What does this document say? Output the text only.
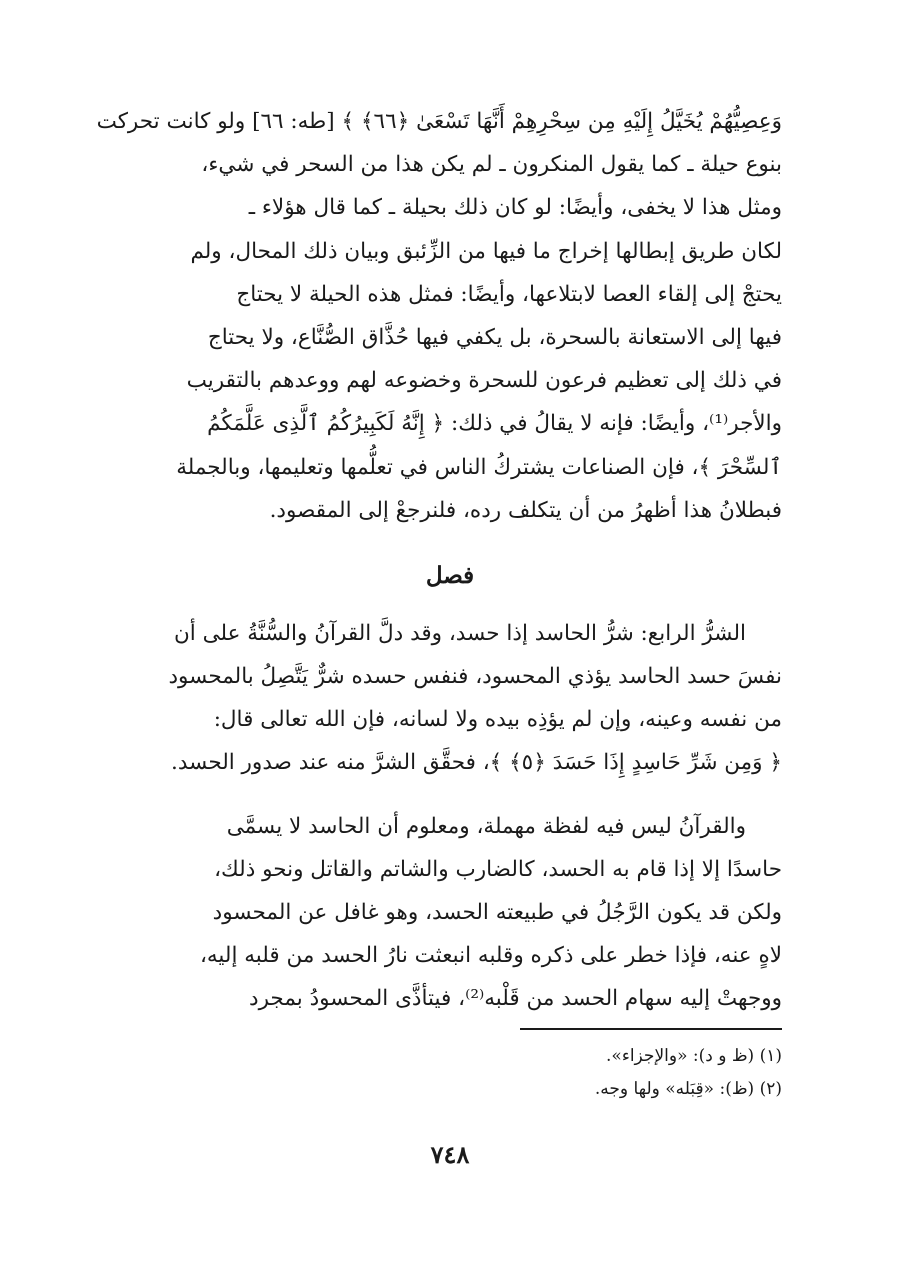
وَعِصِيُّهُمْ يُخَيَّلُ إِلَيْهِ مِن سِحْرِهِمْ أَنَّهَا تَسْعَىٰ ﴿٦٦﴾ ﴾ [طه: ٦٦] ولو كانت تحركت
بنوع حيلة ـ كما يقول المنكرون ـ لم يكن هذا من السحر في شيء،
ومثل هذا لا يخفى، وأيضًا: لو كان ذلك بحيلة ـ كما قال هؤلاء ـ
لكان طريق إبطالها إخراج ما فيها من الزِّئبق وبيان ذلك المحال، ولم
يحتجْ إلى إلقاء العصا لابتلاعها، وأيضًا: فمثل هذه الحيلة لا يحتاج
فيها إلى الاستعانة بالسحرة، بل يكفي فيها حُذَّاق الصُّنَّاع، ولا يحتاج
في ذلك إلى تعظيم فرعون للسحرة وخضوعه لهم ووعدهم بالتقريب
والأجر⁽¹⁾، وأيضًا: فإنه لا يقالُ في ذلك: ﴿ إِنَّهُ لَكَبِيرُكُمُ ٱلَّذِى عَلَّمَكُمُ
ٱلسِّحْرَ ﴾، فإن الصناعات يشتركُ الناس في تعلُّمها وتعليمها، وبالجملة
فبطلانُ هذا أظهرُ من أن يتكلف رده، فلنرجعْ إلى المقصود.
فصل
الشرُّ الرابع: شرُّ الحاسد إذا حسد، وقد دلَّ القرآنُ والسُّنَّةُ على أن
نفسَ حسد الحاسد يؤذي المحسود، فنفس حسده شرٌّ يَتَّصِلُ بالمحسود
من نفسه وعينه، وإن لم يؤذِه بيده ولا لسانه، فإن الله تعالى قال:
﴿ وَمِن شَرِّ حَاسِدٍ إِذَا حَسَدَ ﴿٥﴾ ﴾، فحقَّق الشرَّ منه عند صدور الحسد.
والقرآنُ ليس فيه لفظة مهملة، ومعلوم أن الحاسد لا يسمَّى
حاسدًا إلا إذا قام به الحسد، كالضارب والشاتم والقاتل ونحو ذلك،
ولكن قد يكون الرَّجُلُ في طبيعته الحسد، وهو غافل عن المحسود
لاهٍ عنه، فإذا خطر على ذكره وقلبه انبعثت نارُ الحسد من قلبه إليه،
ووجهتْ إليه سهام الحسد من قَلْبه⁽²⁾، فيتأذَّى المحسودُ بمجرد
(١) (ظ و د): «والإجزاء».
(٢) (ظ): «قِبَله» ولها وجه.
٧٤٨
